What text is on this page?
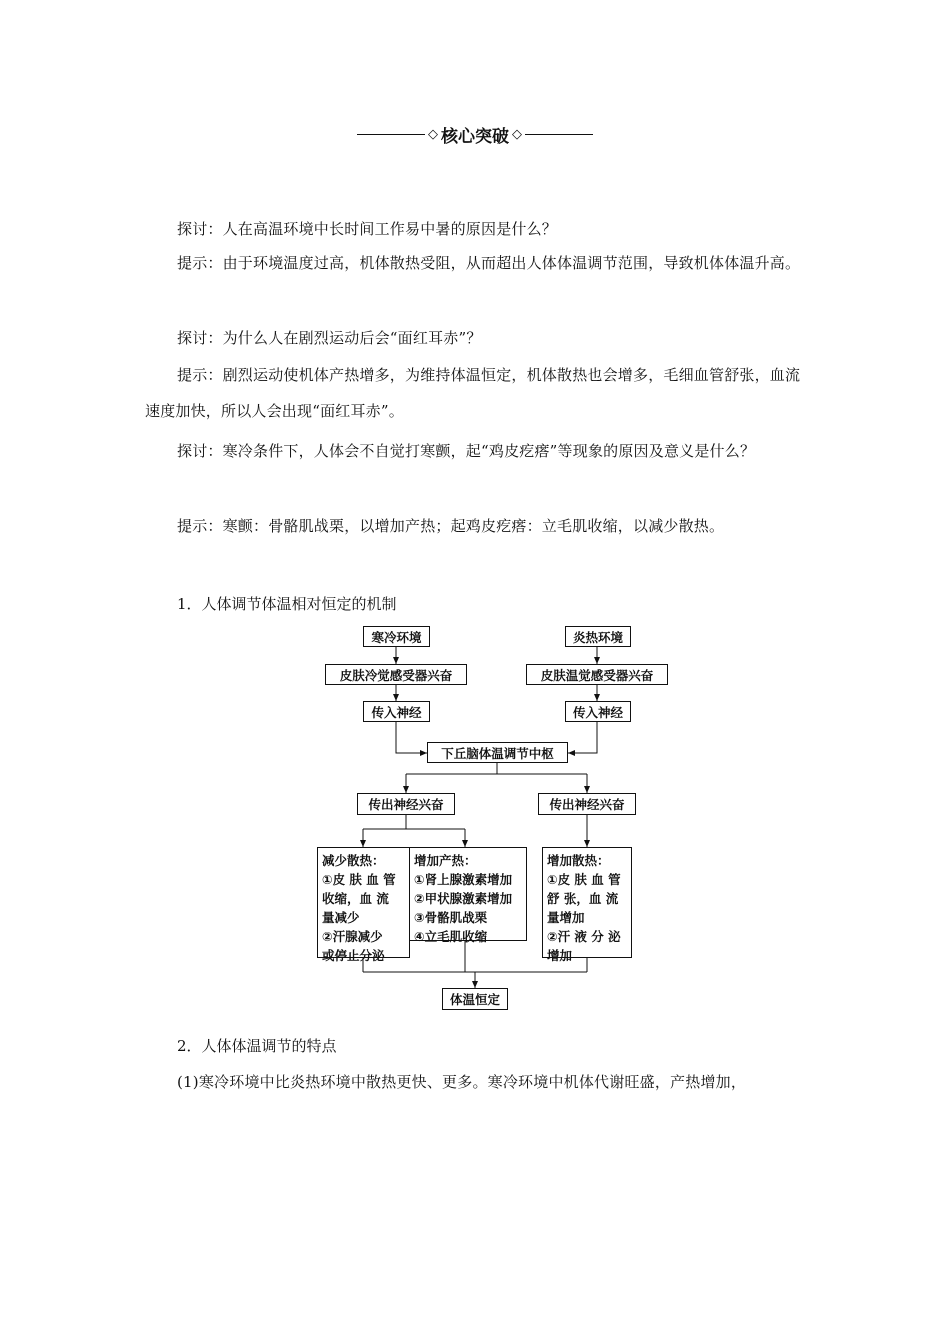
◇ 核心突破 ◇
探讨：人在高温环境中长时间工作易中暑的原因是什么？
提示：由于环境温度过高，机体散热受阻，从而超出人体体温调节范围，导致机体体温升高。
探讨：为什么人在剧烈运动后会“面红耳赤”？
提示：剧烈运动使机体产热增多，为维持体温恒定，机体散热也会增多，毛细血管舒张，血流速度加快，所以人会出现“面红耳赤”。
探讨：寒冷条件下，人体会不自觉打寒颤，起“鸡皮疙瘩”等现象的原因及意义是什么？
提示：寒颤：骨骼肌战栗，以增加产热；起鸡皮疙瘩：立毛肌收缩，以减少散热。
1．人体调节体温相对恒定的机制
寒冷环境	炎热环境
皮肤冷觉感受器兴奋	皮肤温觉感受器兴奋
传入神经	传入神经
下丘脑体温调节中枢
传出神经兴奋	传出神经兴奋
减少散热：
①皮 肤 血 管
收缩，血 流
量减少
②汗腺减少
或停止分泌
增加产热：
①肾上腺激素增加
②甲状腺激素增加
③骨骼肌战栗
④立毛肌收缩
增加散热：
①皮 肤 血 管
舒 张，血 流
量增加
②汗 液 分 泌
增加
体温恒定
2．人体体温调节的特点
(1)寒冷环境中比炎热环境中散热更快、更多。寒冷环境中机体代谢旺盛，产热增加，
